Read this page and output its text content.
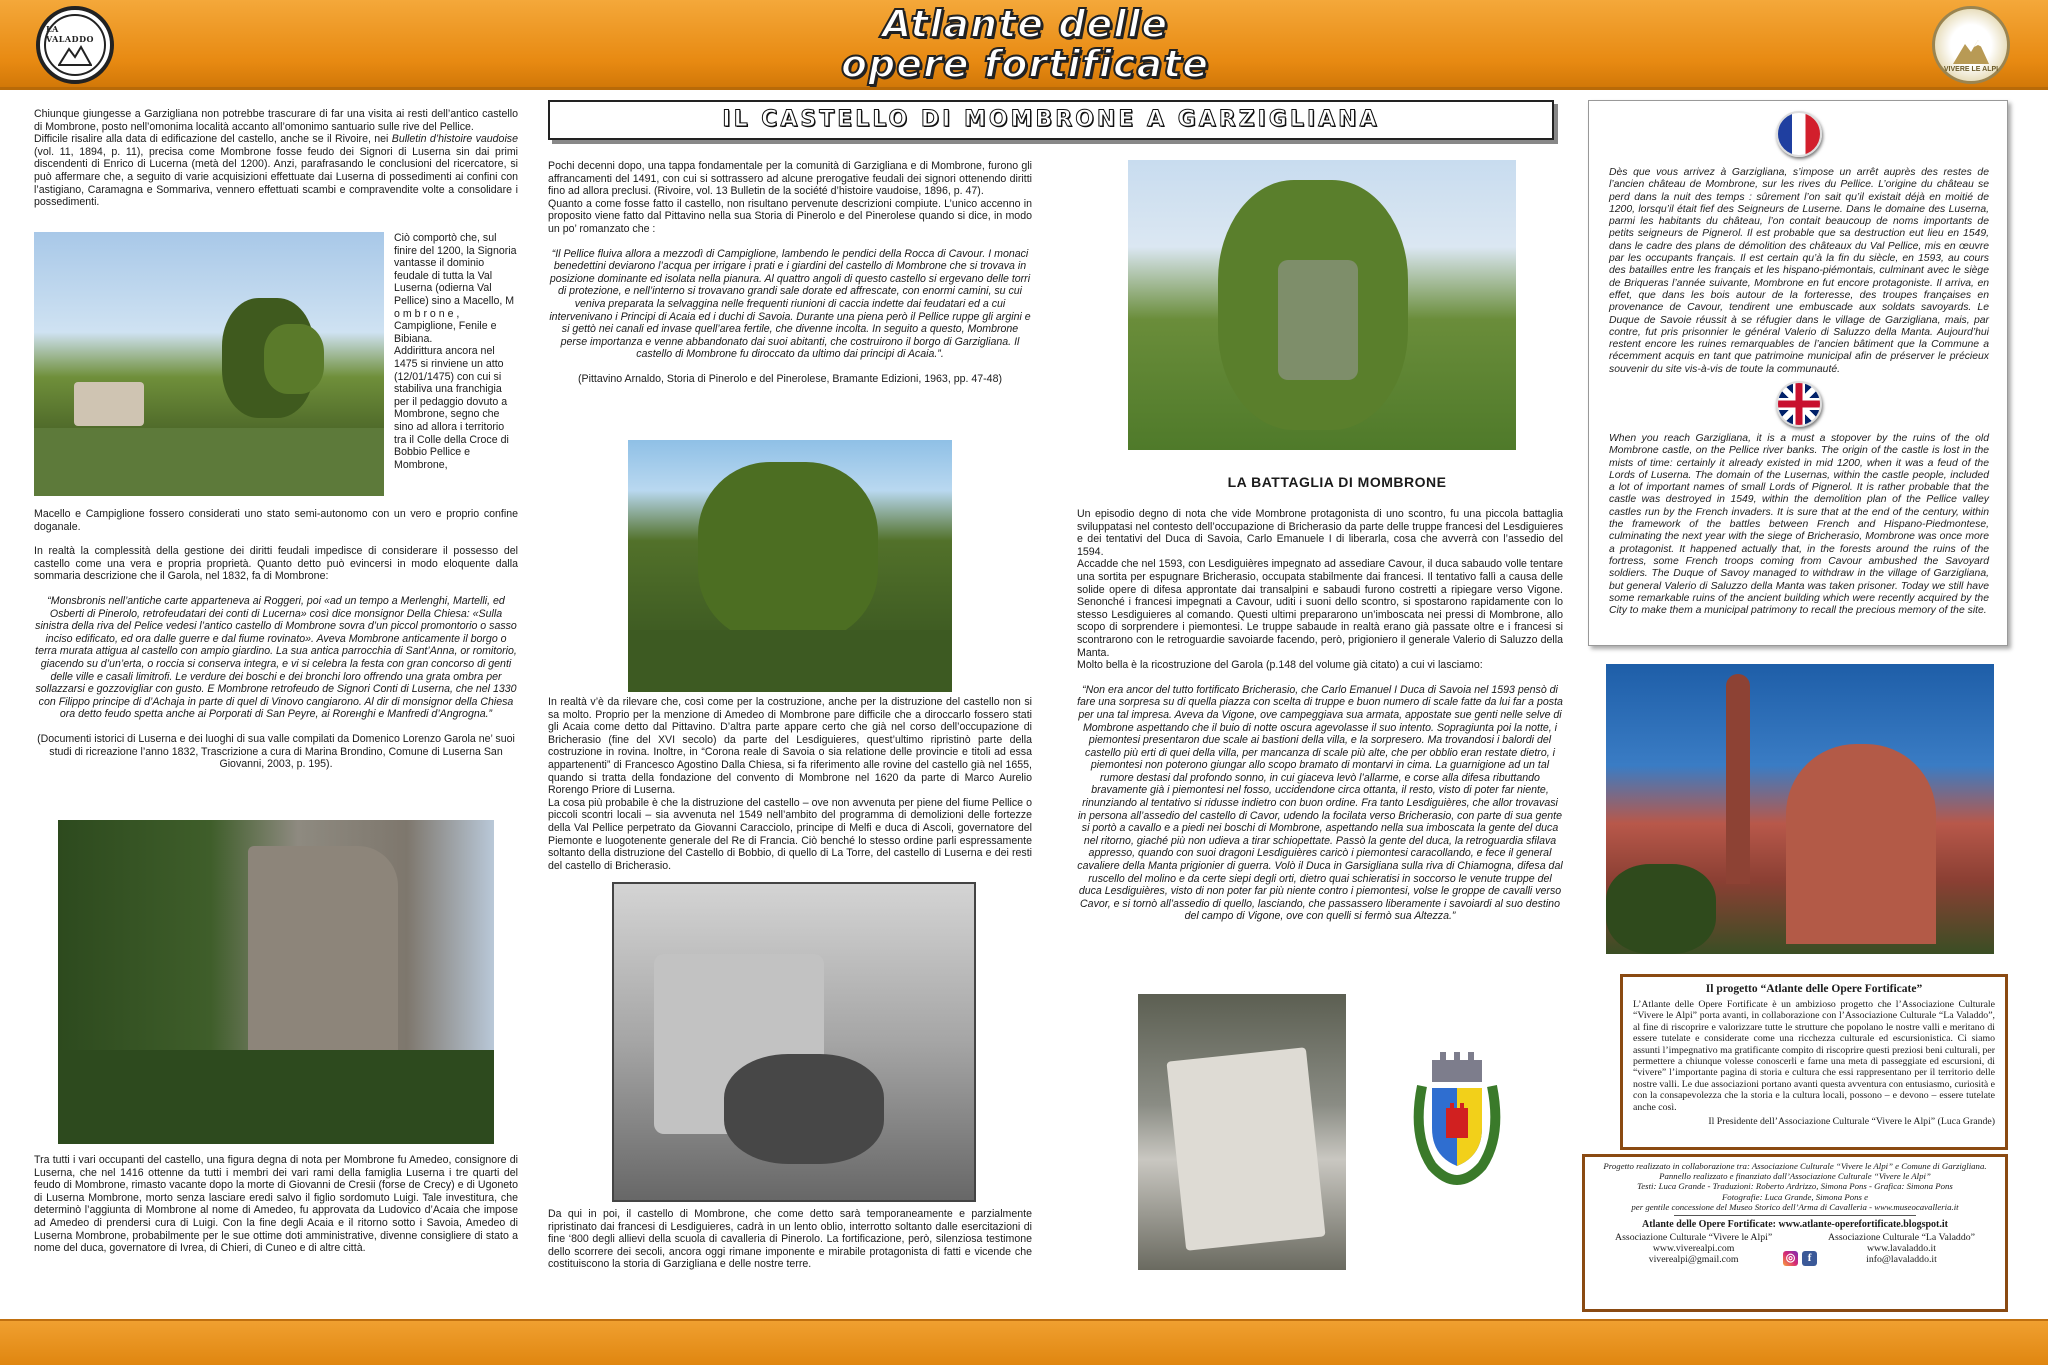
LA VALADDO	Atlante delle
opere fortificate	VIVERE LE ALPI
IL CASTELLO DI MOMBRONE A GARZIGLIANA

Chiunque giungesse a Garzigliana non potrebbe trascurare di far una visita ai resti dell’antico castello di Mombrone, posto nell’omonima località accanto all’omonimo santuario sulle rive del Pellice.

Difficile risalire alla data di edificazione del castello, anche se il Rivoire, nei Bulletin d’histoire vaudoise (vol. 11, 1894, p. 11), precisa come Mombrone fosse feudo dei Signori di Luserna sin dai primi discendenti di Enrico di Lucerna (metà del 1200). Anzi, parafrasando le conclusioni del ricercatore, si può affermare che, a seguito di varie acquisizioni effettuate dai Luserna di possedimenti ai confini con l’astigiano, Caramagna e Sommariva, vennero effettuati scambi e compravendite volte a consolidare i possedimenti.

Ciò comportò che, sul finire del 1200, la Signoria vantasse il dominio feudale di tutta la Val Luserna (odierna Val Pellice) sino a Macello, M o m b r o n e , Campiglione, Fenile e Bibiana.

Addirittura ancora nel 1475 si rinviene un atto (12/01/1475) con cui si stabiliva una franchigia per il pedaggio dovuto a Mombrone, segno che sino ad allora i territorio tra il Colle della Croce di Bobbio Pellice e Mombrone,

Macello e Campiglione fossero considerati uno stato semi-autonomo con un vero e proprio confine doganale.

In realtà la complessità della gestione dei diritti feudali impedisce di considerare il possesso del castello come una vera e propria proprietà. Quanto detto può evincersi in modo eloquente dalla sommaria descrizione che il Garola, nel 1832, fa di Mombrone:

“Monsbronis nell’antiche carte appartenevа ai Roggeri, poi «ad un tempo a Merlenghi, Martelli, ed Osberti di Pinerolo, retrofeudatari dei conti di Lucerna» così dice monsignor Della Chiesa: «Sulla sinistra della riva del Pelice vedesi l’antico castello di Mombrone sovra d’un piccol promontorio o sasso inciso edificato, ed ora dalle guerre e dal fiume rovinato». Aveva Mombrone anticamente il borgo o terra murata attigua al castello con ampio giardino. La sua antica parrocchia di Sant’Anna, or romitorio, giacendo su d’un’erta, o roccia si conserva integra, e vi si celebra la festa con gran concorso di genti delle ville e casali limitrofi. Le verdure dei boschi e dei bronchi loro offrendo una grata ombra per sollazzarsi e gozzovigliar con gusto. E Mombrone retrofeudo de Signori Conti di Luserna, che nel 1330 con Filippo principe di d’Achaja in parte di quel di Vinovo cangiarono. Al dir di monsignor della Chiesa ora detto feudo spetta anche ai Porporati di San Peyre, ai Roreнghi e Manfredi d’Angrogna.”

(Documenti istorici di Luserna e dei luoghi di sua valle compilati da Domenico Lorenzo Garola ne’ suoi studi di ricreazione l’anno 1832, Trascrizione a cura di Marina Brondino, Comune di Luserna San Giovanni, 2003, p. 195).

Tra tutti i vari occupanti del castello, una figura degna di nota per Mombrone fu Amedeo, consignore di Luserna, che nel 1416 ottenne da tutti i membri dei vari rami della famiglia Luserna i tre quarti del feudo di Mombrone, rimasto vacante dopo la morte di Giovanni de Cresii (forse de Crecy) e di Ugoneto di Luserna Mombrone, morto senza lasciare eredi salvo il figlio sordomuto Luigi. Tale investitura, che determinò l’aggiunta di Mombrone al nome di Amedeo, fu approvata da Ludovico d’Acaia che impose ad Amedeo di prendersi cura di Luigi. Con la fine degli Acaia e il ritorno sotto i Savoia, Amedeo di Luserna Mombrone, probabilmente per le sue ottime doti amministrative, divenne consigliere di stato a nome del duca, governatore di Ivrea, di Chieri, di Cuneo e di altre città.

Pochi decenni dopo, una tappa fondamentale per la comunità di Garzigliana e di Mombrone, furono gli affrancamenti del 1491, con cui si sottrassero ad alcune prerogative feudali dei signori ottenendo diritti fino ad allora preclusi. (Rivoire, vol. 13 Bulletin de la société d’histoire vaudoise, 1896, p. 47).

Quanto a come fosse fatto il castello, non risultano pervenute descrizioni compiute. L’unico accenno in proposito viene fatto dal Pittavino nella sua Storia di Pinerolo e del Pinerolese quando si dice, in modo un po’ romanzato che :

“Il Pellice fluiva allora a mezzodì di Campiglione, lambendo le pendici della Rocca di Cavour. I monaci benedettini deviarono l’acqua per irrigare i prati e i giardini del castello di Mombrone che si trovava in posizione dominante ed isolata nella pianura. Al quattro angoli di questo castello si ergevano delle torri di protezione, e nell’interno si trovavano grandi sale dorate ed affrescate, con enormi camini, su cui veniva preparata la selvaggina nelle frequenti riunioni di caccia indette dai feudatari ed a cui intervenivano i Principi di Acaia ed i duchi di Savoia. Durante una piena però il Pellice ruppe gli argini e si gettò nei canali ed invase quell’area fertile, che divenne incolta. In seguito a questo, Mombrone perse importanza e venne abbandonato dai suoi abitanti, che costruirono il borgo di Garzigliana. Il castello di Mombrone fu diroccato da ultimo dai principi di Acaia.”.

(Pittavino Arnaldo, Storia di Pinerolo e del Pinerolese, Bramante Edizioni, 1963, pp. 47-48)

In realtà v’è da rilevare che, così come per la costruzione, anche per la distruzione del castello non si sa molto. Proprio per la menzione di Amedeo di Mombrone pare difficile che a diroccarlo fossero stati gli Acaia come detto dal Pittavino. D’altra parte appare certo che già nel corso dell’occupazione di Bricherasio (fine del XVI secolo) da parte del Lesdiguieres, quest’ultimo ripristinò parte della costruzione in rovina. Inoltre, in “Corona reale di Savoia o sia relatione delle provincie e titoli ad essa appartenenti” di Francesco Agostino Dalla Chiesa, si fa riferimento alle rovine del castello già nel 1655, quando si tratta della fondazione del convento di Mombrone nel 1620 da parte di Marco Aurelio Rorengo Priore di Luserna.

La cosa più probabile è che la distruzione del castello – ove non avvenuta per piene del fiume Pellice o piccoli scontri locali – sia avvenuta nel 1549 nell’ambito del programma di demolizioni delle fortezze della Val Pellice perpetrato da Giovanni Caracciolo, principe di Melfi e duca di Ascoli, governatore del Piemonte e luogotenente generale del Re di Francia. Ciò benché lo stesso ordine parli espressamente soltanto della distruzione del Castello di Bobbio, di quello di La Torre, del castello di Luserna e dei resti del castello di Bricherasio.

Da qui in poi, il castello di Mombrone, che come detto sarà temporaneamente e parzialmente ripristinato dai francesi di Lesdiguieres, cadrà in un lento oblio, interrotto soltanto dalle esercitazioni di fine ‘800 degli allievi della scuola di cavalleria di Pinerolo. La fortificazione, però, silenziosa testimone dello scorrere dei secoli, ancora oggi rimane imponente e mirabile protagonista di fatti e vicende che costituiscono la storia di Garzigliana e delle nostre terre.

LA BATTAGLIA DI MOMBRONE

Un episodio degno di nota che vide Mombrone protagonista di uno scontro, fu una piccola battaglia sviluppatasi nel contesto dell’occupazione di Bricherasio da parte delle truppe francesi del Lesdiguieres e dei tentativi del Duca di Savoia, Carlo Emanuele I di liberarla, cosa che avverrà con l’assedio del 1594.

Accadde che nel 1593, con Lesdiguières impegnato ad assediare Cavour, il duca sabaudo volle tentare una sortita per espugnare Bricherasio, occupata stabilmente dai francesi. Il tentativo fallì a causa delle solide opere di difesa approntate dai transalpini e sabaudi furono costretti a ripiegare verso Vigone. Senonché i francesi impegnati a Cavour, uditi i suoni dello scontro, si spostarono rapidamente con lo stesso Lesdiguieres al comando. Questi ultimi prepararono un’imboscata nei pressi di Mombrone, allo scopo di sorprendere i piemontesi. Le truppe sabaude in realtà erano già passate oltre e i francesi si scontrarono con le retroguardie savoiarde facendo, però, prigioniero il generale Valerio di Saluzzo della Manta.

Molto bella è la ricostruzione del Garola (p.148 del volume già citato) a cui vi lasciamo:

“Non era ancor del tutto fortificato Bricherasio, che Carlo Emanuel I Duca di Savoia nel 1593 pensò di fare una sorpresa su di quella piazza con scelta di truppe e buon numero di scale fatte da lui far a posta per una tal impresa. Aveva da Vigone, ove campeggiava sua armata, appostate sue genti nelle selve di Mombrone aspettando che il buio di notte oscura agevolasse il suo intento. Sopragiunta poi la notte, i piemontesi presentaron due scale ai bastioni della villa, e la sorpresero. Ma trovandosi i balordi del castello più erti di quei della villa, per mancanza di scale più alte, che per obblio eran restate dietro, i piemontesi non poterono giungar allo scopo bramato di montarvi in cima. La guarnigione ad un tal rumore destasi dal profondo sonno, in cui giaceva levò l’allarme, e corse alla difesa ributtando bravamente già i piemontesi nel fosso, uccidendone circa ottanta, il resto, visto di poter far niente, rinunziando al tentativo si ridusse indietro con buon ordine. Fra tanto Lesdiguières, che allor trovavasi in persona all’assedio del castello di Cavor, udendo la focilata verso Bricherasio, con parte di sua gente si portò a cavallo e a piedi nei boschi di Mombrone, aspettando nella sua imboscata la gente del duca nel ritorno, giaché più non udieva a tirar schiopettate. Passò la gente del duca, la retroguardia sfilava appresso, quando con suoi dragoni Lesdiguières caricò i piemontesi caracollando, e fece il general cavaliere della Manta prigionier di guerra. Volò il Duca in Garsigliana sulla riva di Chiamogna, difesa dal ruscello del molino e da certe siepi degli orti, dietro quai schieratisi in soccorso le venute truppe del duca Lesdiguières, visto di non poter far più niente contro i piemontesi, volse le groppe de cavalli verso Cavor, e si tornò all’assedio di quello, lasciando, che passassero liberamente i savoiardi al suo destino del campo di Vigone, ove con quelli si fermò sua Altezza.”

Dès que vous arrivez à Garzigliana, s’impose un arrêt auprès des restes de l’ancien château de Mombrone, sur les rives du Pellice. L’origine du château se perd dans la nuit des temps : sûrement l’on sait qu’il existait déjà en moitié de 1200, lorsqu’il était fief des Seigneurs de Luserne. Dans le domaine des Luserna, parmi les habitants du château, l’on contait beaucoup de noms importants de petits seigneurs de Pignerol. Il est probable que sa destruction eut lieu en 1549, dans le cadre des plans de démolition des châteaux du Val Pellice, mis en œuvre par les occupants français. Il est certain qu’à la fin du siècle, en 1593, au cours des batailles entre les français et les hispano-piémontais, culminant avec le siège de Briqueras l’année suivante, Mombrone en fut encore protagoniste. Il arriva, en effet, que dans les bois autour de la forteresse, des troupes françaises en provenance de Cavour, tendirent une embuscade aux soldats savoyards. Le Duque de Savoie réussit à se réfugier dans le village de Garzigliana, mais, par contre, fut pris prisonnier le général Valerio di Saluzzo della Manta. Aujourd’hui restent encore les ruines remarquables de l’ancien bâtiment que la Commune a récemment acquis en tant que patrimoine municipal afin de préserver le précieux souvenir du site vis-à-vis de toute la communauté.
When you reach Garzigliana, it is a must a stopover by the ruins of the old Mombrone castle, on the Pellice river banks. The origin of the castle is lost in the mists of time: certainly it already existed in mid 1200, when it was a feud of the Lords of Luserna. The domain of the Lusernas, within the castle people, included a lot of important names of small Lords of Pignerol. It is rather probable that the castle was destroyed in 1549, within the demolition plan of the Pellice valley castles run by the French invaders. It is sure that at the end of the century, within the framework of the battles between French and Hispano-Piedmontese, culminating the next year with the siege of Bricherasio, Mombrone was once more a protagonist. It happened actually that, in the forests around the ruins of the fortress, some French troops coming from Cavour ambushed the Savoyard soldiers. The Duque of Savoy managed to withdraw in the village of Garzigliana, but general Valerio di Saluzzo della Manta was taken prisoner. Today we still have some remarkable ruins of the ancient building which were recently acquired by the City to make them a municipal patrimony to recall the precious memory of the site.
Il progetto “Atlante delle Opere Fortificate”
L’Atlante delle Opere Fortificate è un ambizioso progetto che l’Associazione Culturale “Vivere le Alpi” porta avanti, in collaborazione con l’Associazione Culturale “La Valaddo”, al fine di riscoprire e valorizzare tutte le strutture che popolano le nostre valli e meritano di essere tutelate e considerate come una ricchezza culturale ed escursionistica. Ci siamo assunti l’impegnativo ma gratificante compito di riscoprire questi preziosi beni culturali, per permettere a chiunque volesse conoscerli e farne una meta di passeggiate ed escursioni, di “vivere” l’importante pagina di storia e cultura che essi rappresentano per il territorio delle nostre valli. Le due associazioni portano avanti questa avventura con entusiasmo, curiosità e con la consapevolezza che la storia e la cultura locali, possono – e devono – essere tutelate anche così.
Il Presidente dell’Associazione Culturale “Vivere le Alpi” (Luca Grande)
Progetto realizzato in collaborazione tra: Associazione Culturale “Vivere le Alpi” e Comune di Garzigliana.
Pannello realizzato e finanziato dall’Associazione Culturale “Vivere le Alpi”
Testi: Luca Grande - Traduzioni: Roberto Ardrizzo, Simona Pons - Grafica: Simona Pons
Fotografie: Luca Grande, Simona Pons e
per gentile concessione del Museo Storico dell’Arma di Cavalleria - www.museocavalleria.it
Atlante delle Opere Fortificate: www.atlante-operefortificate.blogspot.it
Associazione Culturale “Vivere le Alpi”
www.viverealpi.com
viverealpi@gmail.com	◎	f
Associazione Culturale “La Valaddo”
www.lavaladdo.it
info@lavaladdo.it
